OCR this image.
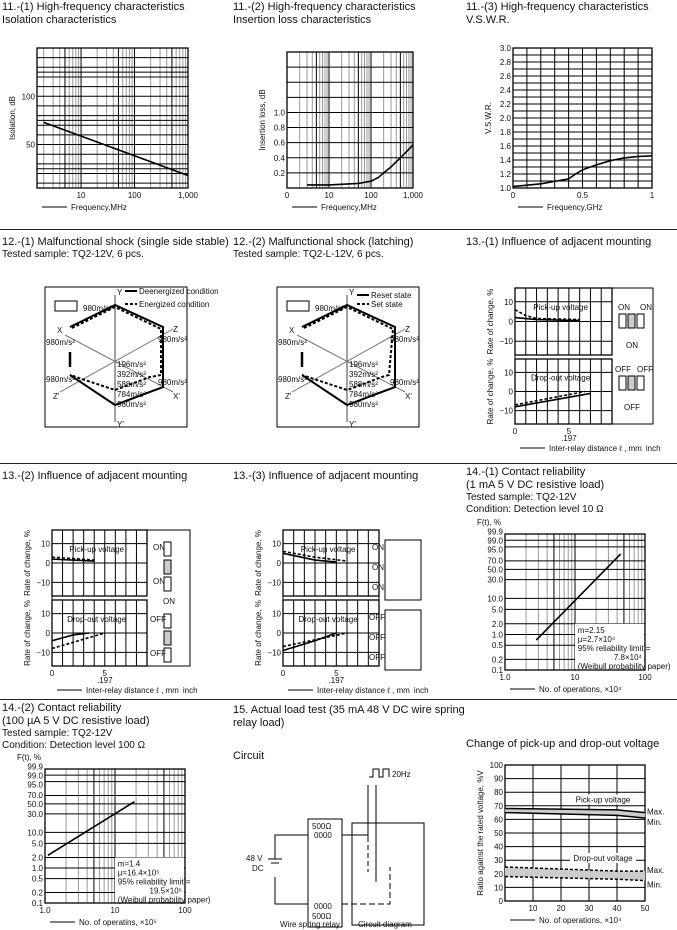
11.-(1) High-frequency characteristics
Isolation characteristics
11.-(2) High-frequency characteristics
Insertion loss characteristics
11.-(3) High-frequency characteristics
V.S.W.R.
10	100	1,000
50
100
Frequency,MHz
Isolation, dB
0	10	100	1,000
0.2
0.4
0.6
0.8
1.0
Frequency,MHz
Insertion loss, dB
0	0.5	1
1.0
1.2
1.4
1.6
1.8
2.0
2.2
2.4
2.6
2.8
3.0
Frequency,GHz
V.S.W.R.
12.-(1) Malfunctional shock (single side stable)
Tested sample: TQ2-12V, 6 pcs.
12.-(2) Malfunctional shock (latching)
Tested sample: TQ2-L-12V, 6 pcs.
13.-(1) Influence of adjacent mounting
Y
Y'
X
X'
Z
Z'
980m/s²
980m/s²
980m/s²
980m/s²
980m/s²
196m/s²
392m/s²
588m/s²
784m/s²
980m/s²
Deenergized condition
Energized condition
Y
Y'
X
X'
Z
Z'
980m/s²
980m/s²
980m/s²
980m/s²
980m/s²
196m/s²
392m/s²
588m/s²
784m/s²
980m/s²
Reset state
Set state
−10
0
10
Rate of change, %	Pick-up voltage
0	5
.197
−10
0
10
Inter-relay distance ℓ , mm inch
Rate of change, %	Drop-out voltage
ON ON
ON
OFF OFF
OFF
13.-(2) Influence of adjacent mounting	13.-(3) Influence of adjacent mounting	14.-(1) Contact reliability
(1 mA 5 V DC resistive load)
Tested sample: TQ2-12V
Condition: Detection level 10 Ω
−10
0
10
Rate of change, %	Pick-up voltage
0	5
.197
−10
0
10
Inter-relay distance ℓ , mm inch
Rate of change, %	Drop-out voltage
ON
ON
ON
OFF
OFF
−10
0
10
Rate of change, %	Pick-up voltage
0	5
.197
−10
0
10
Inter-relay distance ℓ , mm inch
Rate of change, %	Drop-out voltage
ON
ON
ON
OFF
OFF
OFF
1.0	10	100
0.1
0.2
0.5
1.0
2.0
5.0
10.0
30.0
50.0
70.0
95.0
99.0
99.9
No. of operations, ×10⁴
F(t), %
m=2.15
µ=2.7×10⁴
95% reliability limit =
7.8×10⁴
(Weibull probability paper)
14.-(2) Contact reliability
(100 µA 5 V DC resistive load)
Tested sample: TQ2-12V
Condition: Detection level 100 Ω
15. Actual load test (35 mA 48 V DC wire spring
relay load)
Change of pick-up and drop-out voltage
Circuit
1.0	10	100
0.1
0.2
0.5
1.0
2.0
5.0
10.0
30.0
50.0
70.0
95.0
99.0
99.9
No. of operatins, ×10⁵
F(t), %
m=1.4
µ=16.4×10⁵
95% reliability limit =
19.5×10⁵
(Weibull probability paper)
20Hz
500Ω
0000
0000
500Ω
48 V
DC
Wire spring relay Circuit diagram
10 20 30 40 50
0
10
20
30
40
50
60
70
80
90
100
No. of operations, ×10⁴
Ratio against the rated voltage, %V	Pick-up voltage
Max.
Min.
Drop-out voltage
Max.
Min.
